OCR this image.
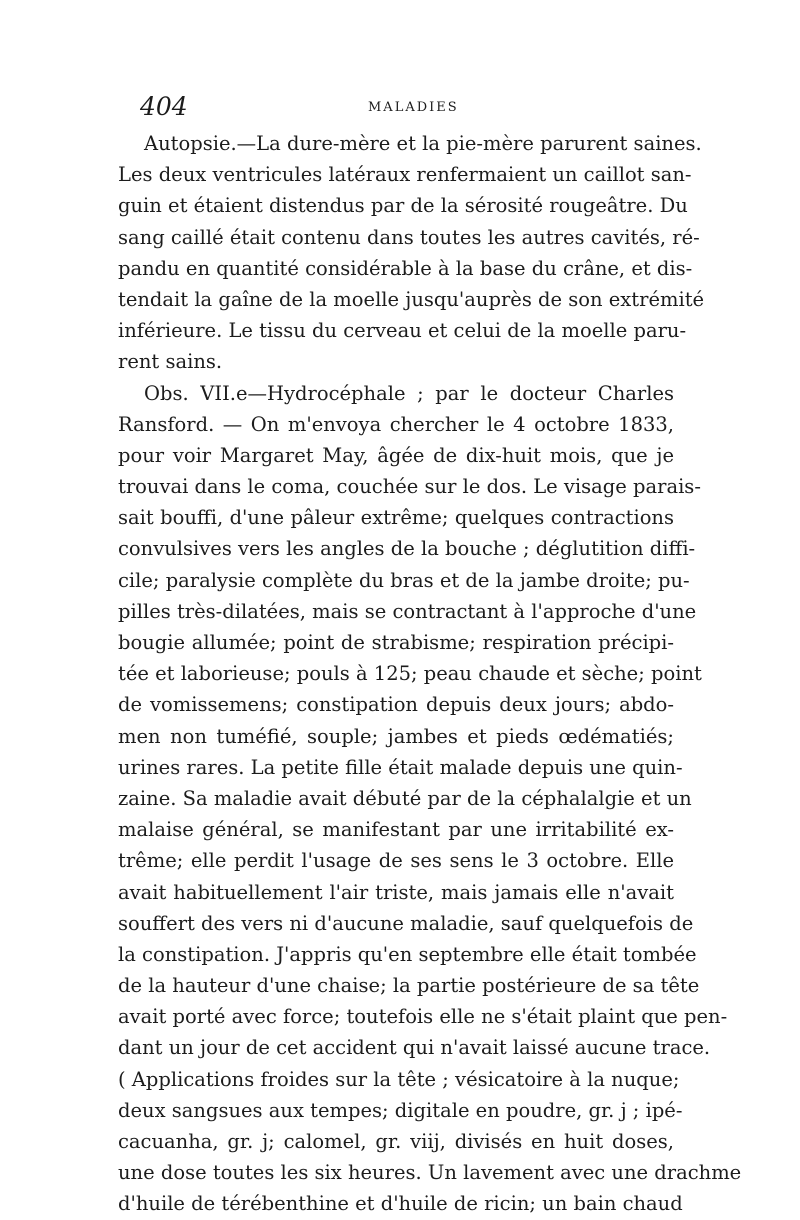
404	MALADIES
Autopsie.—La dure-mère et la pie-mère parurent saines.
Les deux ventricules latéraux renfermaient un caillot san-
guin et étaient distendus par de la sérosité rougeâtre. Du
sang caillé était contenu dans toutes les autres cavités, ré-
pandu en quantité considérable à la base du crâne, et dis-
tendait la gaîne de la moelle jusqu'auprès de son extrémité
inférieure. Le tissu du cerveau et celui de la moelle paru-
rent sains.
Obs. VII.e—Hydrocéphale ; par le docteur Charles
Ransford. — On m'envoya chercher le 4 octobre 1833,
pour voir Margaret May, âgée de dix-huit mois, que je
trouvai dans le coma, couchée sur le dos. Le visage parais-
sait bouffi, d'une pâleur extrême; quelques contractions
convulsives vers les angles de la bouche ; déglutition diffi-
cile; paralysie complète du bras et de la jambe droite; pu-
pilles très-dilatées, mais se contractant à l'approche d'une
bougie allumée; point de strabisme; respiration précipi-
tée et laborieuse; pouls à 125; peau chaude et sèche; point
de vomissemens; constipation depuis deux jours; abdo-
men non tuméfié, souple; jambes et pieds œdématiés;
urines rares. La petite fille était malade depuis une quin-
zaine. Sa maladie avait débuté par de la céphalalgie et un
malaise général, se manifestant par une irritabilité ex-
trême; elle perdit l'usage de ses sens le 3 octobre. Elle
avait habituellement l'air triste, mais jamais elle n'avait
souffert des vers ni d'aucune maladie, sauf quelquefois de
la constipation. J'appris qu'en septembre elle était tombée
de la hauteur d'une chaise; la partie postérieure de sa tête
avait porté avec force; toutefois elle ne s'était plaint que pen-
dant un jour de cet accident qui n'avait laissé aucune trace.
( Applications froides sur la tête ; vésicatoire à la nuque;
deux sangsues aux tempes; digitale en poudre, gr. j ; ipé-
cacuanha, gr. j; calomel, gr. viij, divisés en huit doses,
une dose toutes les six heures. Un lavement avec une drachme
d'huile de térébenthine et d'huile de ricin; un bain chaud
